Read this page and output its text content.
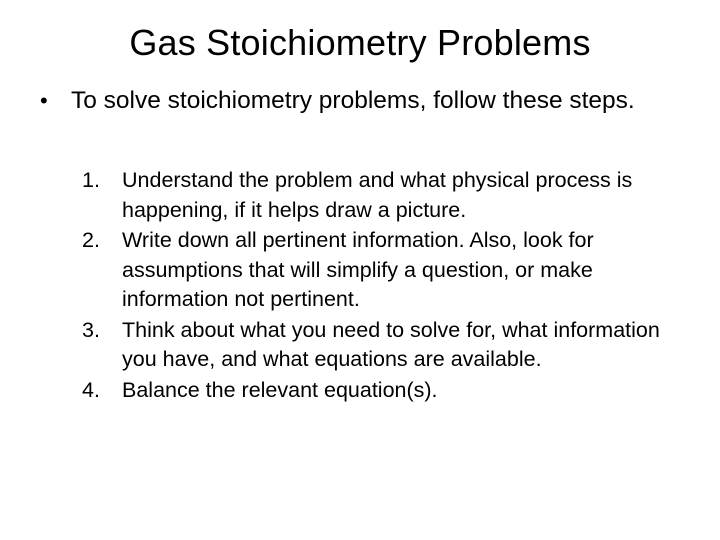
Gas Stoichiometry Problems
• To solve stoichiometry problems, follow these steps.
1.	Understand the problem and what physical process is happening, if it helps draw a picture.
2.	Write down all pertinent information. Also, look for assumptions that will simplify a question, or make information not pertinent.
3.	Think about what you need to solve for, what information you have, and what equations are available.
4.	Balance the relevant equation(s).
